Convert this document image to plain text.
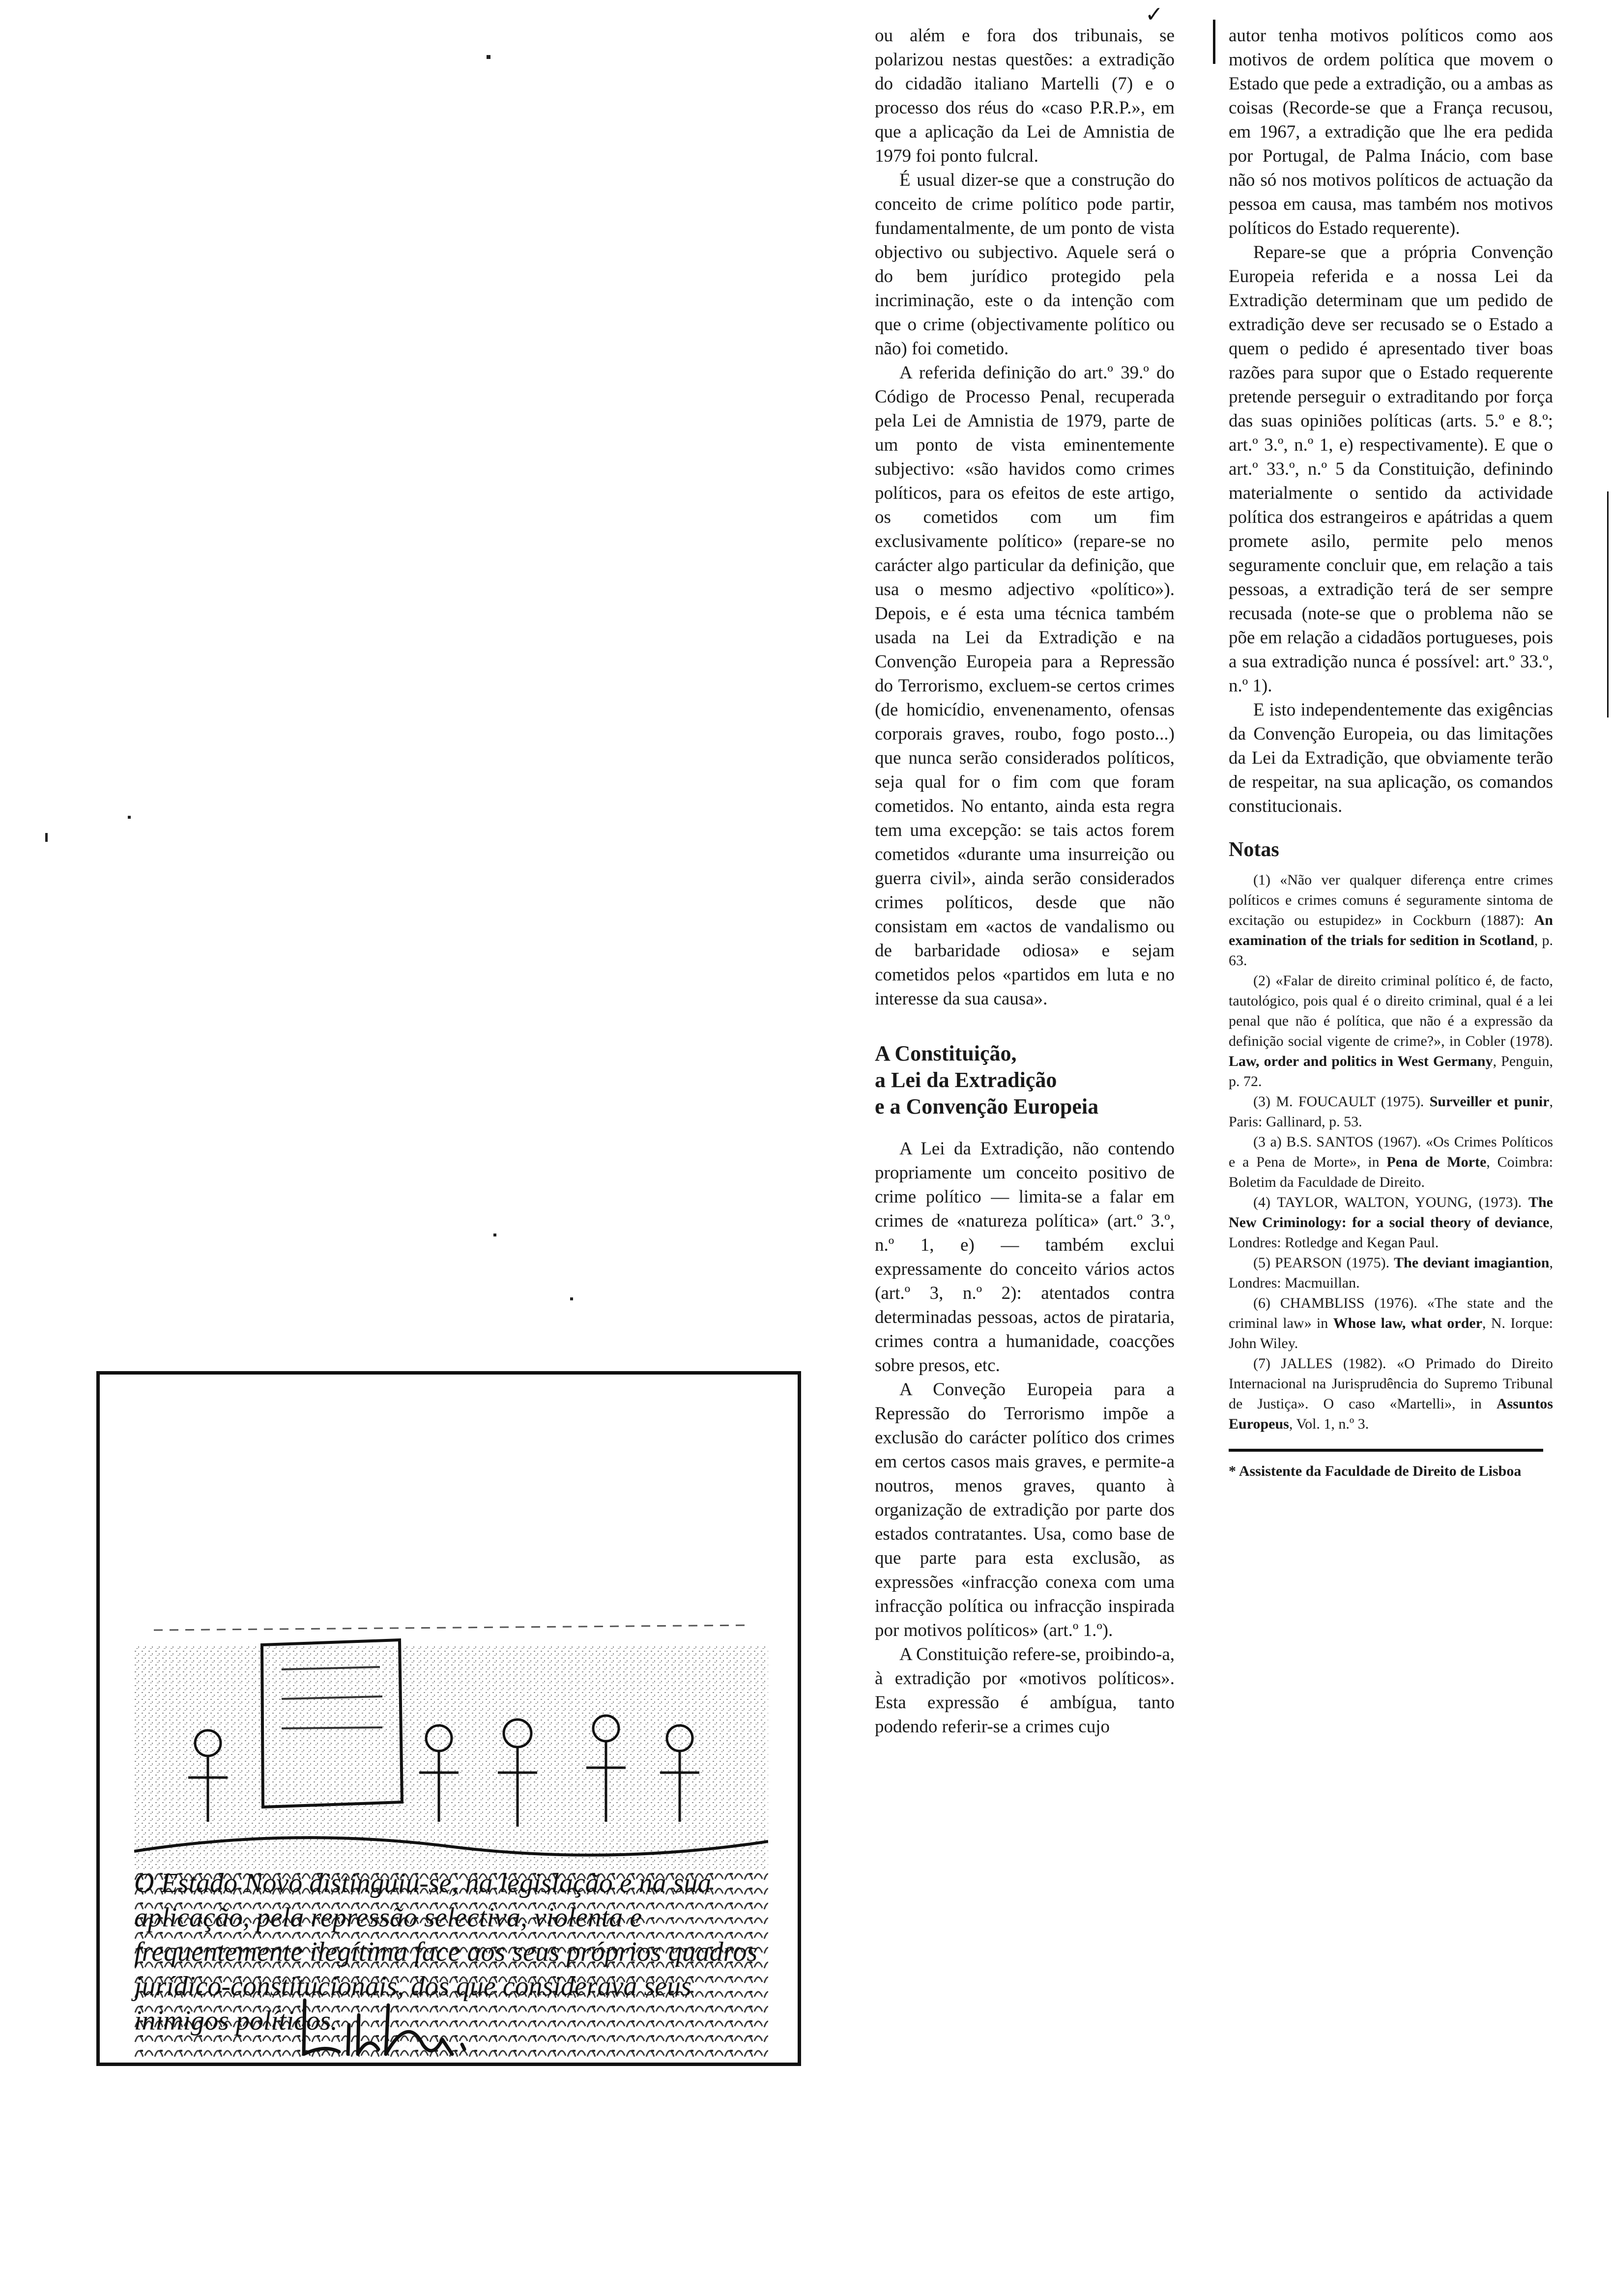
✓

ou além e fora dos tribunais, se polarizou nestas questões: a extradição do cidadão italiano Martelli (7) e o processo dos réus do «caso P.R.P.», em que a aplicação da Lei de Amnistia de 1979 foi ponto fulcral.

É usual dizer-se que a construção do conceito de crime político pode partir, fundamentalmente, de um ponto de vista objectivo ou subjectivo. Aquele será o do bem jurídico protegido pela incriminação, este o da intenção com que o crime (objectivamente político ou não) foi cometido.

A referida definição do art.º 39.º do Código de Processo Penal, recuperada pela Lei de Amnistia de 1979, parte de um ponto de vista eminentemente subjectivo: «são havidos como crimes políticos, para os efeitos de este artigo, os cometidos com um fim exclusivamente político» (repare-se no carácter algo particular da definição, que usa o mesmo adjectivo «político»). Depois, e é esta uma técnica também usada na Lei da Extradição e na Convenção Europeia para a Repressão do Terrorismo, excluem-se certos crimes (de homicídio, envenenamento, ofensas corporais graves, roubo, fogo posto...) que nunca serão considerados políticos, seja qual for o fim com que foram cometidos. No entanto, ainda esta regra tem uma excepção: se tais actos forem cometidos «durante uma insurreição ou guerra civil», ainda serão considerados crimes políticos, desde que não consistam em «actos de vandalismo ou de barbaridade odiosa» e sejam cometidos pelos «partidos em luta e no interesse da sua causa».

A Constituição,
a Lei da Extradição
e a Convenção Europeia

A Lei da Extradição, não contendo propriamente um conceito positivo de crime político — limita-se a falar em crimes de «natureza política» (art.º 3.º, n.º 1, e) — também exclui expressamente do conceito vários actos (art.º 3, n.º 2): atentados contra determinadas pessoas, actos de pirataria, crimes contra a humanidade, coacções sobre presos, etc.

A Conveção Europeia para a Repressão do Terrorismo impõe a exclusão do carácter político dos crimes em certos casos mais graves, e permite-a noutros, menos graves, quanto à organização de extradição por parte dos estados contratantes. Usa, como base de que parte para esta exclusão, as expressões «infracção conexa com uma infracção política ou infracção inspirada por motivos políticos» (art.º 1.º).

A Constituição refere-se, proibindo-a, à extradição por «motivos políticos». Esta expressão é ambígua, tanto podendo referir-se a crimes cujo

autor tenha motivos políticos como aos motivos de ordem política que movem o Estado que pede a extradição, ou a ambas as coisas (Recorde-se que a França recusou, em 1967, a extradição que lhe era pedida por Portugal, de Palma Inácio, com base não só nos motivos políticos de actuação da pessoa em causa, mas também nos motivos políticos do Estado requerente).

Repare-se que a própria Convenção Europeia referida e a nossa Lei da Extradição determinam que um pedido de extradição deve ser recusado se o Estado a quem o pedido é apresentado tiver boas razões para supor que o Estado requerente pretende perseguir o extraditando por força das suas opiniões políticas (arts. 5.º e 8.º; art.º 3.º, n.º 1, e) respectivamente). E que o art.º 33.º, n.º 5 da Constituição, definindo materialmente o sentido da actividade política dos estrangeiros e apátridas a quem promete asilo, permite pelo menos seguramente concluir que, em relação a tais pessoas, a extradição terá de ser sempre recusada (note-se que o problema não se põe em relação a cidadãos portugueses, pois a sua extradição nunca é possível: art.º 33.º, n.º 1).

E isto independentemente das exigências da Convenção Europeia, ou das limitações da Lei da Extradição, que obviamente terão de respeitar, na sua aplicação, os comandos constitucionais.

Notas

(1) «Não ver qualquer diferença entre crimes políticos e crimes comuns é seguramente sintoma de excitação ou estupidez» in Cockburn (1887): An examination of the trials for sedition in Scotland, p. 63.

(2) «Falar de direito criminal político é, de facto, tautológico, pois qual é o direito criminal, qual é a lei penal que não é política, que não é a expressão da definição social vigente de crime?», in Cobler (1978). Law, order and politics in West Germany, Penguin, p. 72.

(3) M. FOUCAULT (1975). Surveiller et punir, Paris: Gallinard, p. 53.

(3 a) B.S. SANTOS (1967). «Os Crimes Políticos e a Pena de Morte», in Pena de Morte, Coimbra: Boletim da Faculdade de Direito.

(4) TAYLOR, WALTON, YOUNG, (1973). The New Criminology: for a social theory of deviance, Londres: Rotledge and Kegan Paul.

(5) PEARSON (1975). The deviant imagiantion, Londres: Macmuillan.

(6) CHAMBLISS (1976). «The state and the criminal law» in Whose law, what order, N. Iorque: John Wiley.

(7) JALLES (1982). «O Primado do Direito Internacional na Jurisprudência do Supremo Tribunal de Justiça». O caso «Martelli», in Assuntos Europeus, Vol. 1, n.º 3.

* Assistente da Faculdade de Direito de Lisboa
O Estado Novo distinguiu-se, na legislação e na sua aplicação, pela repressão selectiva, violenta e frequentemente ilegítima face aos seus próprios quadros jurídico-constitucionais, dos que considerava seus inimigos políticos.
